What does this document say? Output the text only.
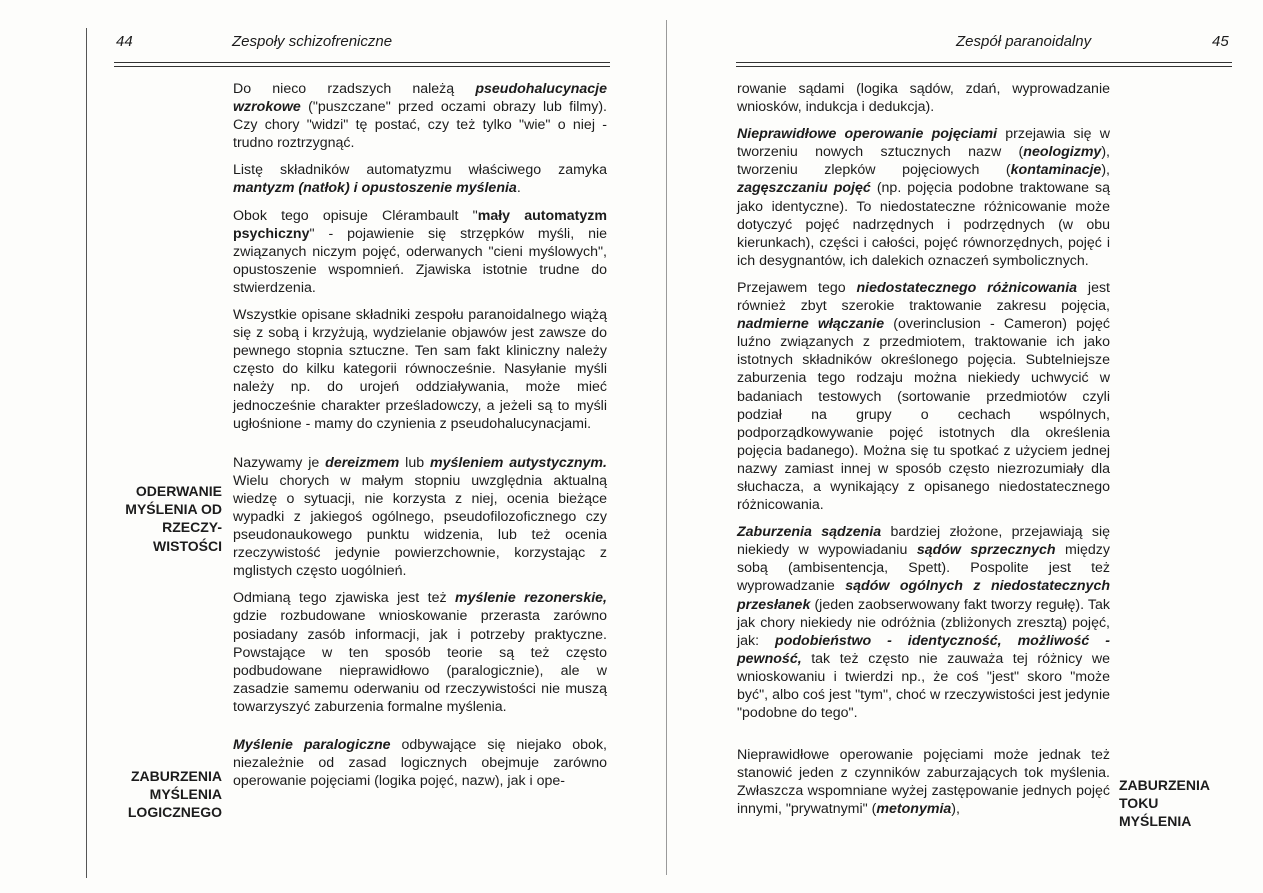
44	Zespoły schizofreniczne

Do nieco rzadszych należą pseudohalucynacje wzrokowe ("puszczane" przed oczami obrazy lub filmy). Czy chory "widzi" tę postać, czy też tylko "wie" o niej - trudno roztrzygnąć.

Listę składników automatyzmu właściwego zamyka mantyzm (natłok) i opustoszenie myślenia.

Obok tego opisuje Clérambault "mały automatyzm psychiczny" - pojawienie się strzępków myśli, nie związanych niczym pojęć, oderwanych "cieni myślowych", opustoszenie wspomnień. Zjawiska istotnie trudne do stwierdzenia.

Wszystkie opisane składniki zespołu paranoidalnego wiążą się z sobą i krzyżują, wydzielanie objawów jest zawsze do pewnego stopnia sztuczne. Ten sam fakt kliniczny należy często do kilku kategorii równocześnie. Nasyłanie myśli należy np. do urojeń oddziaływania, może mieć jednocześnie charakter prześladowczy, a jeżeli są to myśli ugłośnione - mamy do czynienia z pseudohalucynacjami.

Nazywamy je dereizmem lub myśleniem autystycznym. Wielu chorych w małym stopniu uwzględnia aktualną wiedzę o sytuacji, nie korzysta z niej, ocenia bieżące wypadki z jakiegoś ogólnego, pseudofilozoficznego czy pseudonaukowego punktu widzenia, lub też ocenia rzeczywistość jedynie powierzchownie, korzystając z mglistych często uogólnień.

Odmianą tego zjawiska jest też myślenie rezonerskie, gdzie rozbudowane wnioskowanie przerasta zarówno posiadany zasób informacji, jak i potrzeby praktyczne. Powstające w ten sposób teorie są też często podbudowane nieprawidłowo (paralogicznie), ale w zasadzie samemu oderwaniu od rzeczywistości nie muszą towarzyszyć zaburzenia formalne myślenia.

Myślenie paralogiczne odbywające się niejako obok, niezależnie od zasad logicznych obejmuje zarówno operowanie pojęciami (logika pojęć, nazw), jak i ope-

ODERWANIE
MYŚLENIA OD
RZECZY-
WISTOŚCI
ZABURZENIA
MYŚLENIA
LOGICZNEGO
Zespół paranoidalny	45

rowanie sądami (logika sądów, zdań, wyprowadzanie wniosków, indukcja i dedukcja).

Nieprawidłowe operowanie pojęciami przejawia się w tworzeniu nowych sztucznych nazw (neologizmy), tworzeniu zlepków pojęciowych (kontaminacje), zagęszczaniu pojęć (np. pojęcia podobne traktowane są jako identyczne). To niedostateczne różnicowanie może dotyczyć pojęć nadrzędnych i podrzędnych (w obu kierunkach), części i całości, pojęć równorzędnych, pojęć i ich desygnantów, ich dalekich oznaczeń symbolicznych.

Przejawem tego niedostatecznego różnicowania jest również zbyt szerokie traktowanie zakresu pojęcia, nadmierne włączanie (overinclusion - Cameron) pojęć luźno związanych z przedmiotem, traktowanie ich jako istotnych składników określonego pojęcia. Subtelniejsze zaburzenia tego rodzaju można niekiedy uchwycić w badaniach testowych (sortowanie przedmiotów czyli podział na grupy o cechach wspólnych, podporządkowywanie pojęć istotnych dla określenia pojęcia badanego). Można się tu spotkać z użyciem jednej nazwy zamiast innej w sposób często niezrozumiały dla słuchacza, a wynikający z opisanego niedostatecznego różnicowania.

Zaburzenia sądzenia bardziej złożone, przejawiają się niekiedy w wypowiadaniu sądów sprzecznych między sobą (ambisentencja, Spett). Pospolite jest też wyprowadzanie sądów ogólnych z niedostatecznych przesłanek (jeden zaobserwowany fakt tworzy regułę). Tak jak chory niekiedy nie odróżnia (zbliżonych zresztą) pojęć, jak: podobieństwo - identyczność, możliwość - pewność, tak też często nie zauważa tej różnicy we wnioskowaniu i twierdzi np., że coś "jest" skoro "może być", albo coś jest "tym", choć w rzeczywistości jest jedynie "podobne do tego".

Nieprawidłowe operowanie pojęciami może jednak też stanowić jeden z czynników zaburzających tok myślenia. Zwłaszcza wspomniane wyżej zastępowanie jednych pojęć innymi, "prywatnymi" (metonymia),

ZABURZENIA
TOKU
MYŚLENIA
